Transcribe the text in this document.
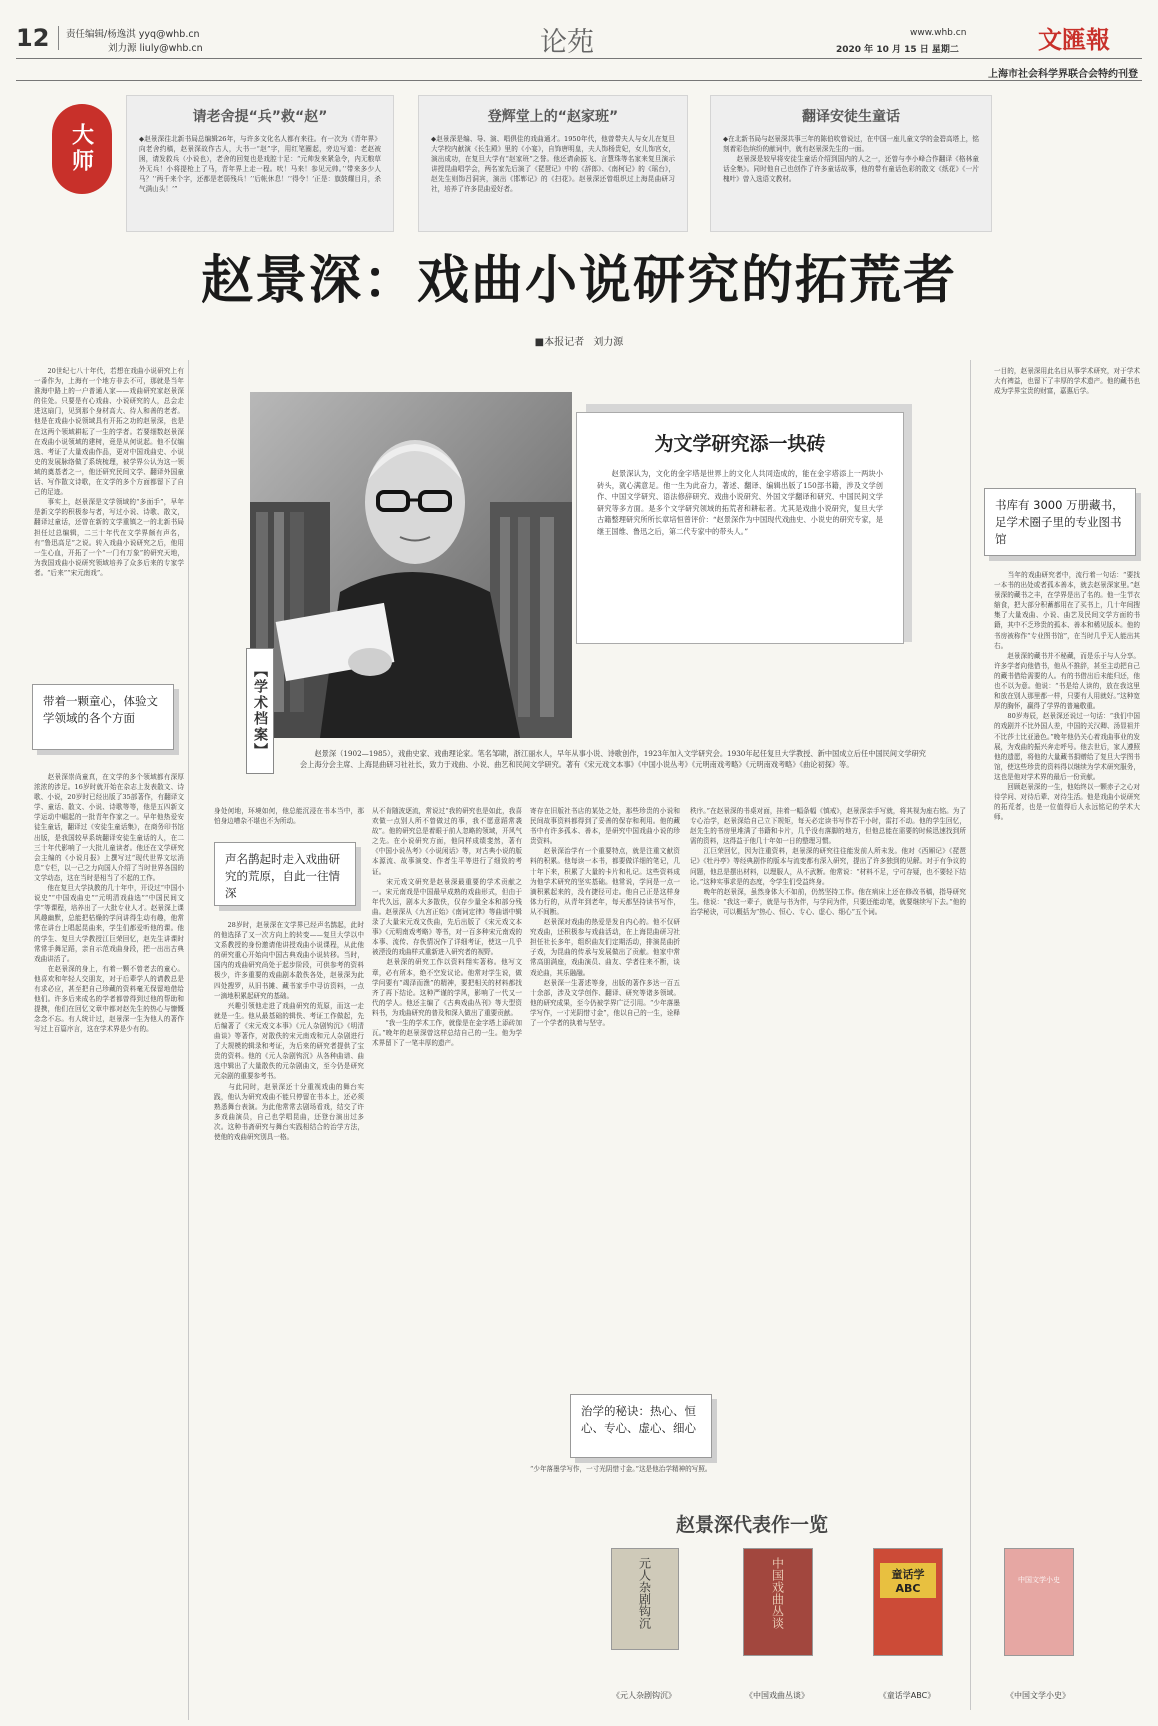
12 责任编辑/杨逸淇 yyq@whb.cn
刘力源 liuly@whb.cn	论苑	www.whb.cn
2020 年 10 月 15 日 星期二	文匯報
上海市社会科学界联合会特约刊登
大师
请老舍提“兵”救“赵”
◆赵景深往北新书局总编辑26年，与许多文化名人都有来往。有一次为《青年界》向老舍约稿，赵景深故作古人，大书一“赵”字，用红笔圈起，旁边写道：老赵被困，请发救兵（小说也），老舍的回复也是戏腔十足：“元帅发来紧急令，内无粮草外无兵！小将提枪上了马，青年界上走一程。吠！马来！参见元帅。’‘带来多少人马？’‘两千来个字，还都是老弱残兵！’‘后帐休息！’‘得令！’正是：旗鼓耀目月，杀气满山头！’”
登辉堂上的“赵家班”
◆赵景深是编、导、演、唱俱佳的戏曲通才。1950年代，他曾带夫人与女儿在复旦大学校内献演《长生殿》里的《小宴》，自饰唐明皇，夫人饰杨贵妃，女儿饰宫女，演出成功，在复旦大学有“赵家班”之誉。他还请俞振飞、言慧珠等名家来复旦演示讲授昆曲唱学会，两名家先后演了《琵琶记》中的《辞郎》、《南柯记》的《瑶台》，赵先生则饰吕洞宾，演出《邯郸记》的《扫花》。赵景深还曾组织过上海昆曲研习社，培养了许多昆曲爱好者。
翻译安徒生童话
◆在北新书局与赵景深共事三年的陈伯吹曾说过，在中国一座儿童文学的金碧高塔上，铭刻着彩色缤纷的献词中，就有赵景深先生的一面。
　　赵景深是较早将安徒生童话介绍到国内的人之一，还曾与李小峰合作翻译《格林童话全集》。同时他自己也创作了许多童话故事，他的带有童话色彩的散文《纸花》《一片槐叶》曾入选语文教材。
赵景深：戏曲小说研究的拓荒者
■本报记者 刘力源
　　20世纪七八十年代，若想在戏曲小说研究上有一番作为，上海有一个地方非去不可，那就是当年淮海中路上的一户普通人家——戏曲研究家赵景深的住处。只要是有心戏曲、小说研究的人，总会走进这扇门，见到那个身材高大、待人和善的老者。他是在戏曲小说领域具有开拓之功的赵景深，也是在这两个领域耕耘了一生的学者。若要细数赵景深在戏曲小说领域的建树，竟是从何说起。他不仅编选、考证了大量戏曲作品，更对中国戏曲史、小说史的发展脉络做了系统梳理，被学界公认为这一领域的奠基者之一，他还研究民间文学、翻译外国童话、写作散文诗歌，在文学的多个方面都留下了自己的足迹。
　　事实上，赵景深是文学领域的“多面手”，早年是新文学的积极参与者，写过小说、诗歌、散文，翻译过童话，还曾在新的文学重镇之一的北新书局担任过总编辑，二三十年代在文学界颇有声名，有“鲁迅高足”之说。转入戏曲小说研究之后，他用一生心血，开拓了一个“一门有万象”的研究天地，为我国戏曲小说研究领域培养了众多后来的专家学者。“后来”“宋元南戏”。
带着一颗童心，体验文学领域的各个方面
　　赵景深崇尚童真，在文学的多个领域都有深厚浓浓的涉足。16岁时就开始在杂志上发表散文、诗歌、小说，20岁时已经出版了35部著作，有翻译文学、童话、散文、小说、诗歌等等，他是五四新文学运动中崛起的一批青年作家之一。早年他热爱安徒生童话，翻译过《安徒生童话集》，在商务印书馆出版，是我国较早系统翻译安徒生童话的人，在二三十年代影响了一大批儿童读者。他还在文学研究会主编的《小说月报》上撰写过“现代世界文坛消息”专栏，以一己之力向国人介绍了当时世界各国的文学动态，这在当时是相当了不起的工作。
　　他在复旦大学执教的几十年中，开设过“中国小说史”“中国戏曲史”“元明清戏曲选”“中国民间文学”等课程，培养出了一大批专业人才。赵景深上课风趣幽默，总能把枯燥的学问讲得生动有趣，他常常在讲台上唱起昆曲来，学生们都爱听他的课。他的学生、复旦大学教授江巨荣回忆，赵先生讲课时常常手舞足蹈，亲自示范戏曲身段，把一出出古典戏曲讲活了。
　　在赵景深的身上，有着一颗不曾老去的童心。他喜欢和年轻人交朋友，对于后辈学人的请教总是有求必应，甚至把自己珍藏的资料毫无保留地借给他们。许多后来成名的学者都曾得到过他的帮助和提携，他们在回忆文章中都对赵先生的热心与慷慨念念不忘。有人统计过，赵景深一生为他人的著作写过上百篇序言，这在学术界是少有的。
【学术档案】
为文学研究添一块砖
　　赵景深认为，文化的金字塔是世界上的文化人共同造成的，能在金字塔添上一两块小砖头，就心满意足。他一生为此奋力，著述、翻译、编辑出版了150部书籍，涉及文学创作、中国文学研究、语法修辞研究、戏曲小说研究、外国文学翻译和研究、中国民间文学研究等多方面。是多个文学研究领域的拓荒者和耕耘者。尤其是戏曲小说研究，复旦大学古籍整理研究所所长章培恒曾评价：“赵景深作为中国现代戏曲史、小说史的研究专家，是继王国维、鲁迅之后，第二代专家中的带头人。”
　　赵景深（1902—1985），戏曲史家、戏曲理论家。笔名邹啸，浙江丽水人，早年从事小说、诗歌创作，1923年加入文学研究会。1930年起任复旦大学教授、新中国成立后任中国民间文学研究会上海分会主席、上海昆曲研习社社长，致力于戏曲、小说、曲艺和民间文学研究。著有《宋元戏文本事》《中国小说丛考》《元明南戏考略》《元明南戏考略》《曲论初探》等。
一目的，赵景深用此名目从事学术研究，对于学术大有裨益，也留下了丰厚的学术遗产。他的藏书也成为学界宝贵的财富，嘉惠后学。
书库有 3000 万册藏书，足学术圈子里的专业图书馆
　　当年的戏曲研究者中，流行着一句话：“要找一本书的出处或者孤本善本，就去赵景深家里。”赵景深的藏书之丰，在学界是出了名的。他一生节衣缩食，把大部分积蓄都用在了买书上，几十年间搜集了大量戏曲、小说、曲艺及民间文学方面的书籍，其中不乏珍贵的孤本、善本和稀见版本。他的书房被称作“专业图书馆”，在当时几乎无人能出其右。
　　赵景深的藏书并不秘藏，而是乐于与人分享。许多学者向他借书，他从不推辞，甚至主动把自己的藏书借给需要的人。有的书借出后未能归还，他也不以为意。他说：“书是给人读的，放在我这里和放在别人那里都一样，只要有人用就好。”这种宽厚的胸怀，赢得了学界的普遍敬重。
　　80岁寿辰，赵景深还说过一句话：“我们中国的戏剧并不比外国人差，中国的关汉卿、汤显祖并不比莎士比亚逊色。”晚年他仍关心着戏曲事业的发展，为戏曲的振兴奔走呼号。他去世后，家人遵照他的遗愿，将他的大量藏书捐赠给了复旦大学图书馆，使这些珍贵的资料得以继续为学术研究服务，这也是他对学术界的最后一份贡献。
　　回顾赵景深的一生，他始终以一颗赤子之心对待学问、对待后辈、对待生活。他是戏曲小说研究的拓荒者，也是一位值得后人永远铭记的学术大师。
身处何地，环境如何，他总能沉浸在书本当中，那怕身边嘈杂不堪也不为所动。
声名鹊起时走入戏曲研究的荒原，自此一往情深
　　28岁时，赵景深在文学界已经声名鹊起，此时的他选择了又一次方向上的转变——复旦大学以中文系教授的身份邀请他讲授戏曲小说课程，从此他的研究重心开始向中国古典戏曲小说转移。当时，国内的戏曲研究尚处于起步阶段，可供参考的资料极少，许多重要的戏曲剧本散佚各处，赵景深为此四处搜罗，从旧书摊、藏书家手中寻访资料，一点一滴地积累起研究的基础。
　　兴趣引领他走进了戏曲研究的荒原，而这一走就是一生。他从最基础的辑佚、考证工作做起，先后编著了《宋元戏文本事》《元人杂剧钩沉》《明清曲谈》等著作，对散佚的宋元南戏和元人杂剧进行了大规模的辑录和考证，为后来的研究者提供了宝贵的资料。他的《元人杂剧钩沉》从各种曲谱、曲选中辑出了大量散佚的元杂剧曲文，至今仍是研究元杂剧的重要参考书。
　　与此同时，赵景深还十分重视戏曲的舞台实践，他认为研究戏曲不能只停留在书本上，还必须熟悉舞台表演。为此他常常去剧场看戏，结交了许多戏曲演员，自己也学唱昆曲，还登台演出过多次。这种书斋研究与舞台实践相结合的治学方法，使他的戏曲研究别具一格。
从不肯随波逐流，常说过“我的研究也是如此，我喜欢做一点别人所不曾做过的事，我不愿意蹈常袭故”。他的研究总是着眼于前人忽略的领域，开风气之先。在小说研究方面，他同样成绩斐然，著有《中国小说丛考》《小说闲话》等，对古典小说的版本源流、故事演变、作者生平等进行了细致的考证。
　　宋元戏文研究是赵景深最重要的学术贡献之一。宋元南戏是中国最早成熟的戏曲形式，但由于年代久远，剧本大多散佚，仅存少量全本和部分残曲。赵景深从《九宫正始》《南词定律》等曲谱中辑录了大量宋元戏文佚曲，先后出版了《宋元戏文本事》《元明南戏考略》等书，对一百多种宋元南戏的本事、流传、存佚情况作了详细考证，使这一几乎被湮没的戏曲样式重新进入研究者的视野。
　　赵景深的研究工作以资料翔实著称。他写文章，必有所本，绝不空发议论。他常对学生说，做学问要有“竭泽而渔”的精神，要把相关的材料都找齐了再下结论。这种严谨的学风，影响了一代又一代的学人。他还主编了《古典戏曲丛刊》等大型资料书，为戏曲研究的普及和深入做出了重要贡献。
　　“我一生的学术工作，就像是在金字塔上添砖加瓦。”晚年的赵景深曾这样总结自己的一生。他为学术界留下了一笔丰厚的遗产。
寄存在旧版社书店的某处之处，那些珍贵的小说和民间故事资料都得到了妥善的保存和利用。他的藏书中有许多孤本、善本，是研究中国戏曲小说的珍贵资料。
　　赵景深治学有一个重要特点，就是注重文献资料的积累。他每读一本书，都要做详细的笔记，几十年下来，积累了大量的卡片和札记。这些资料成为他学术研究的坚实基础。他常说，学问是一点一滴积累起来的，没有捷径可走。他自己正是这样身体力行的，从青年到老年，每天都坚持读书写作，从不间断。
　　赵景深对戏曲的热爱是发自内心的。他不仅研究戏曲，还积极参与戏曲活动，在上海昆曲研习社担任社长多年，组织曲友们定期活动，排演昆曲折子戏，为昆曲的传承与发展做出了贡献。他家中常常高朋满座，戏曲演员、曲友、学者往来不断，谈戏论曲，其乐融融。
　　赵景深一生著述等身，出版的著作多达一百五十余部，涉及文学创作、翻译、研究等诸多领域。他的研究成果，至今仍被学界广泛引用。“少年落墨学写作，一寸光阴惜寸金”，他以自己的一生，诠释了一个学者的执着与坚守。
治学的秘诀：热心、恒心、专心、虚心、细心
“少年落墨学写作，一寸光阴惜寸金。”这是他治学精神的写照。
秩序。”在赵景深的书桌对面，挂着一幅条幅《慎戒》，赵景深亲手写就，将其视为座右铭。为了专心治学，赵景深给自己立下规矩，每天必定读书写作若干小时，雷打不动。他的学生回忆，赵先生的书房里堆满了书籍和卡片，几乎没有落脚的地方，但他总能在需要的时候迅速找到所需的资料，这得益于他几十年如一日的整理习惯。
　　江巨荣回忆，因为注重资料，赵景深的研究往往能发前人所未发。他对《西厢记》《琵琶记》《牡丹亭》等经典剧作的版本与流变都有深入研究，提出了许多独到的见解。对于有争议的问题，他总是摆出材料，以理服人，从不武断。他常说：“材料不足，宁可存疑，也不要轻下结论。”这种实事求是的态度，令学生们受益终身。
　　晚年的赵景深，虽然身体大不如前，仍然坚持工作。他在病床上还在修改书稿，指导研究生。他说：“我这一辈子，就是与书为伴，与学问为伴，只要还能动笔，就要继续写下去。”他的治学秘诀，可以概括为“热心、恒心、专心、虚心、细心”五个词。
赵景深代表作一览
元人杂剧钩沉
《元人杂剧钩沉》
中国戏曲丛谈
《中国戏曲丛谈》
童话学 ABC
《童话学ABC》
中国文学小史
《中国文学小史》
